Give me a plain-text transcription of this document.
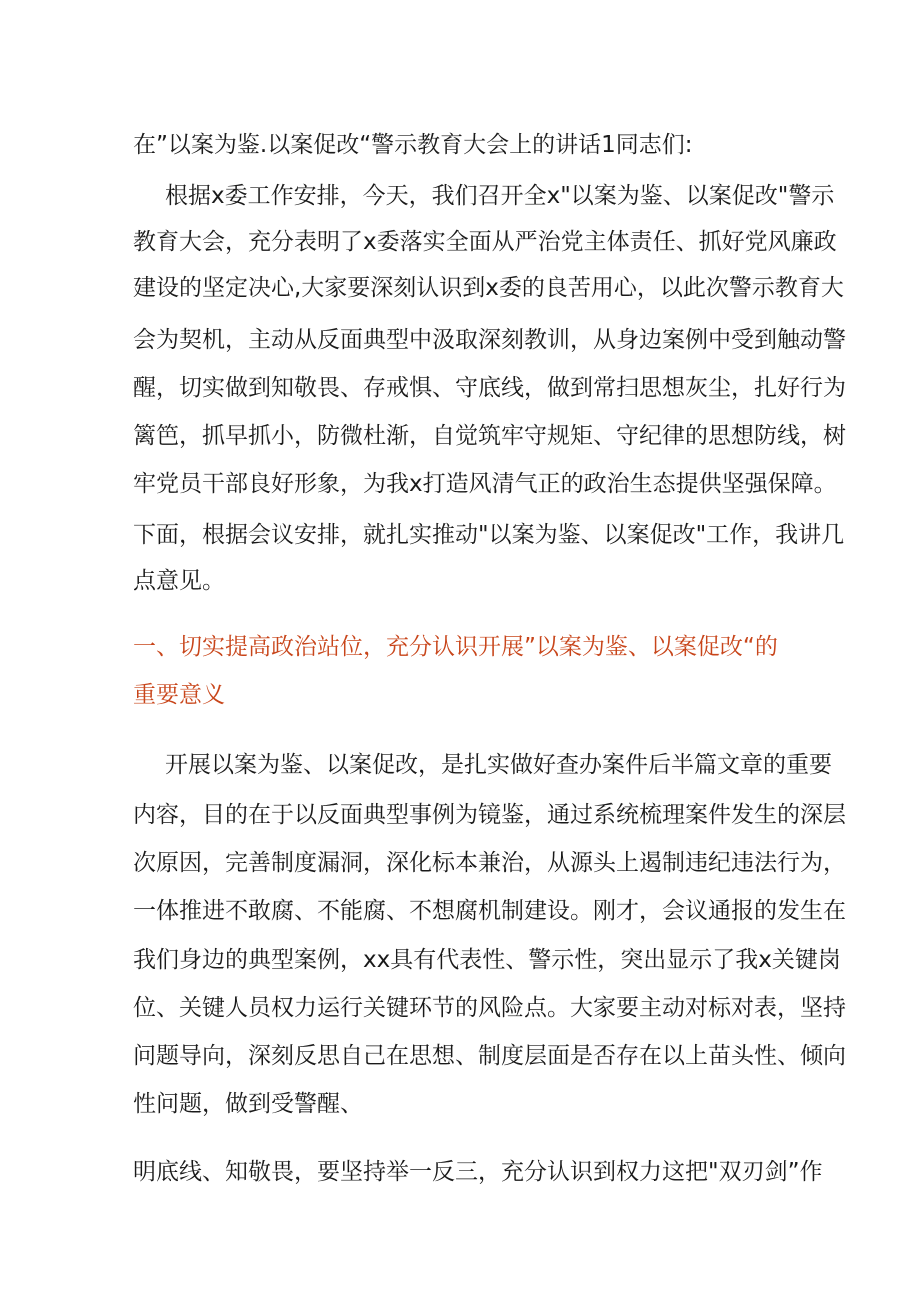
在”以案为鉴.以案促改“警示教育大会上的讲话1同志们:
根据x委工作安排，今天，我们召开全x"以案为鉴、以案促改"警示
教育大会，充分表明了x委落实全面从严治党主体责任、抓好党风廉政
建设的坚定决心,大家要深刻认识到x委的良苦用心，以此次警示教育大
会为契机，主动从反面典型中汲取深刻教训，从身边案例中受到触动警
醒，切实做到知敬畏、存戒惧、守底线，做到常扫思想灰尘，扎好行为
篱笆，抓早抓小，防微杜渐，自觉筑牢守规矩、守纪律的思想防线，树
牢党员干部良好形象，为我x打造风清气正的政治生态提供坚强保障。
下面，根据会议安排，就扎实推动"以案为鉴、以案促改"工作，我讲几
点意见。
一、切实提高政治站位，充分认识开展”以案为鉴、以案促改“的
重要意义
开展以案为鉴、以案促改，是扎实做好查办案件后半篇文章的重要
内容，目的在于以反面典型事例为镜鉴，通过系统梳理案件发生的深层
次原因，完善制度漏洞，深化标本兼治，从源头上遏制违纪违法行为，
一体推进不敢腐、不能腐、不想腐机制建设。刚才，会议通报的发生在
我们身边的典型案例，xx具有代表性、警示性，突出显示了我x关键岗
位、关键人员权力运行关键环节的风险点。大家要主动对标对表，坚持
问题导向，深刻反思自己在思想、制度层面是否存在以上苗头性、倾向
性问题，做到受警醒、
明底线、知敬畏，要坚持举一反三，充分认识到权力这把"双刃剑”作
